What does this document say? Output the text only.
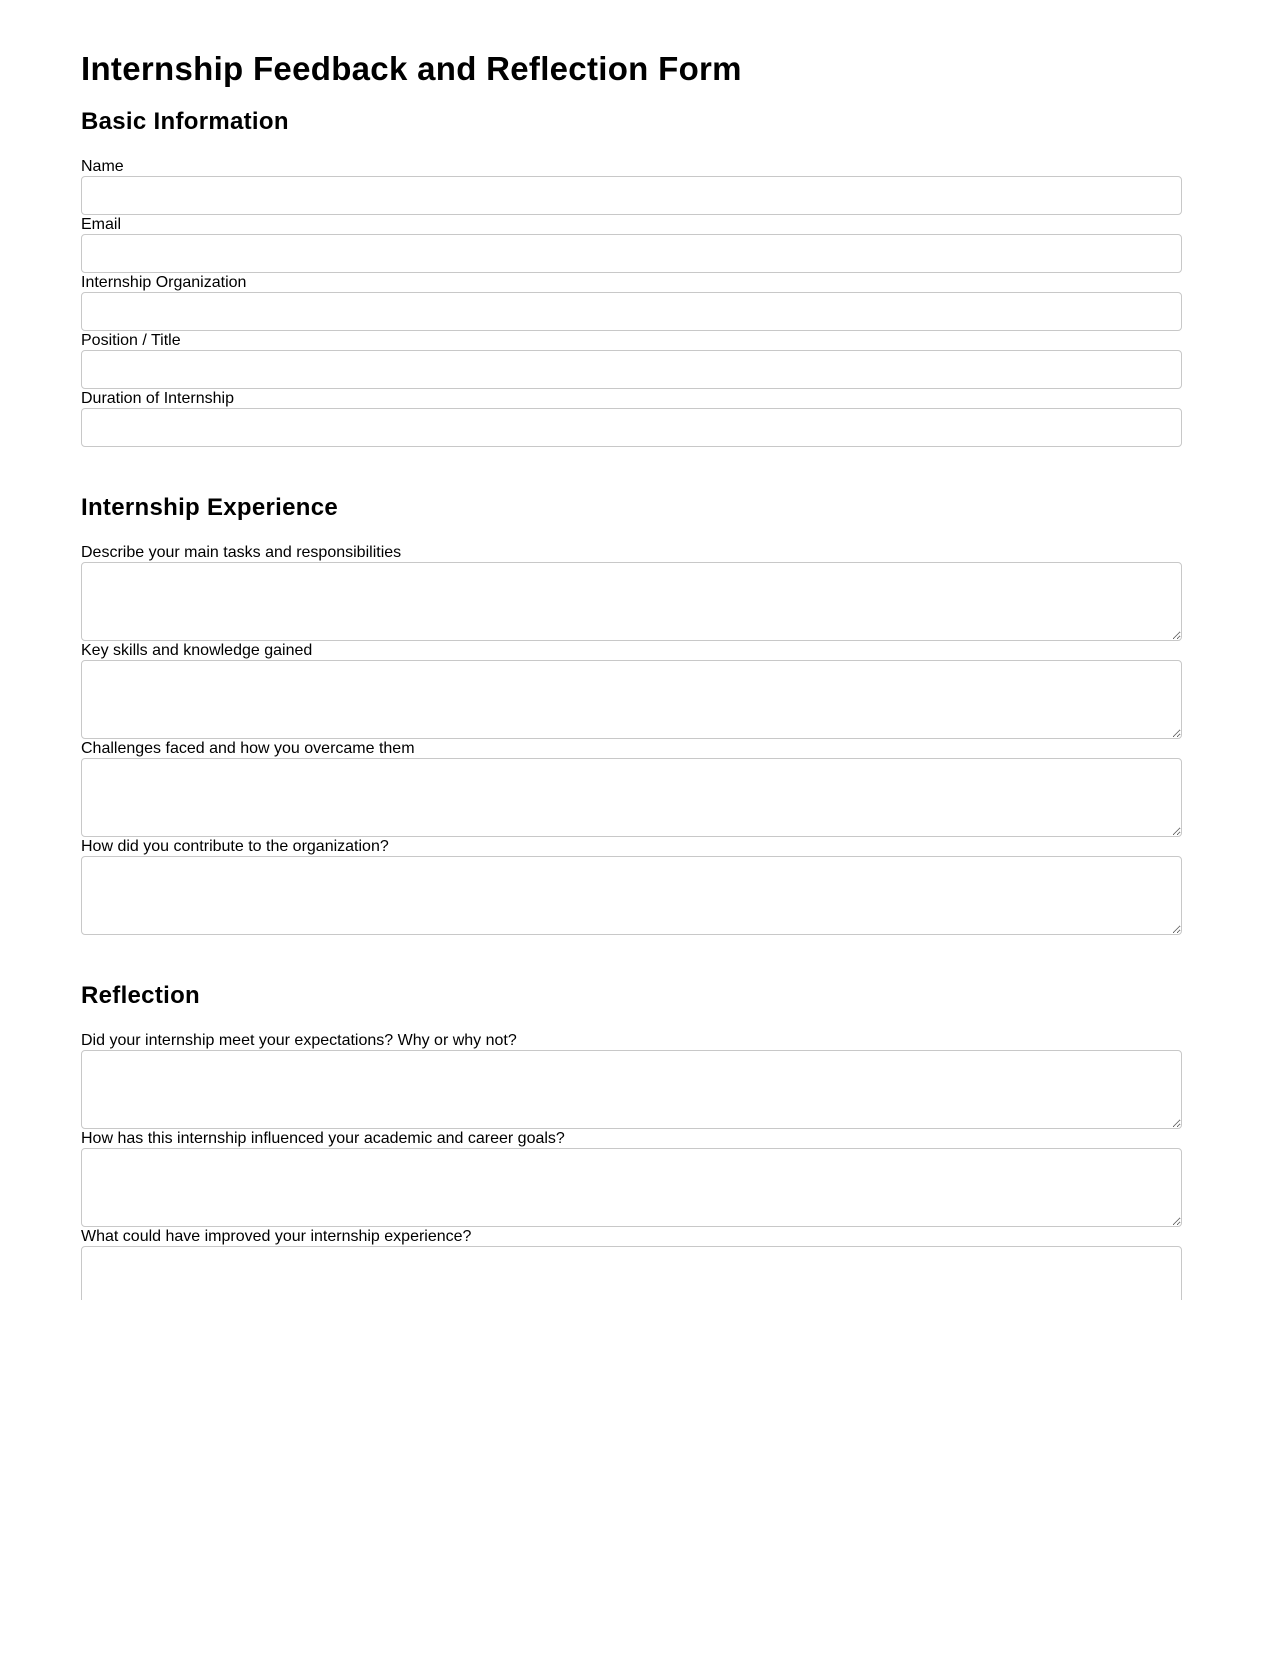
Internship Feedback and Reflection Form
Basic Information
Name
Email
Internship Organization
Position / Title
Duration of Internship
Internship Experience
Describe your main tasks and responsibilities
Key skills and knowledge gained
Challenges faced and how you overcame them
How did you contribute to the organization?
Reflection
Did your internship meet your expectations? Why or why not?
How has this internship influenced your academic and career goals?
What could have improved your internship experience?
